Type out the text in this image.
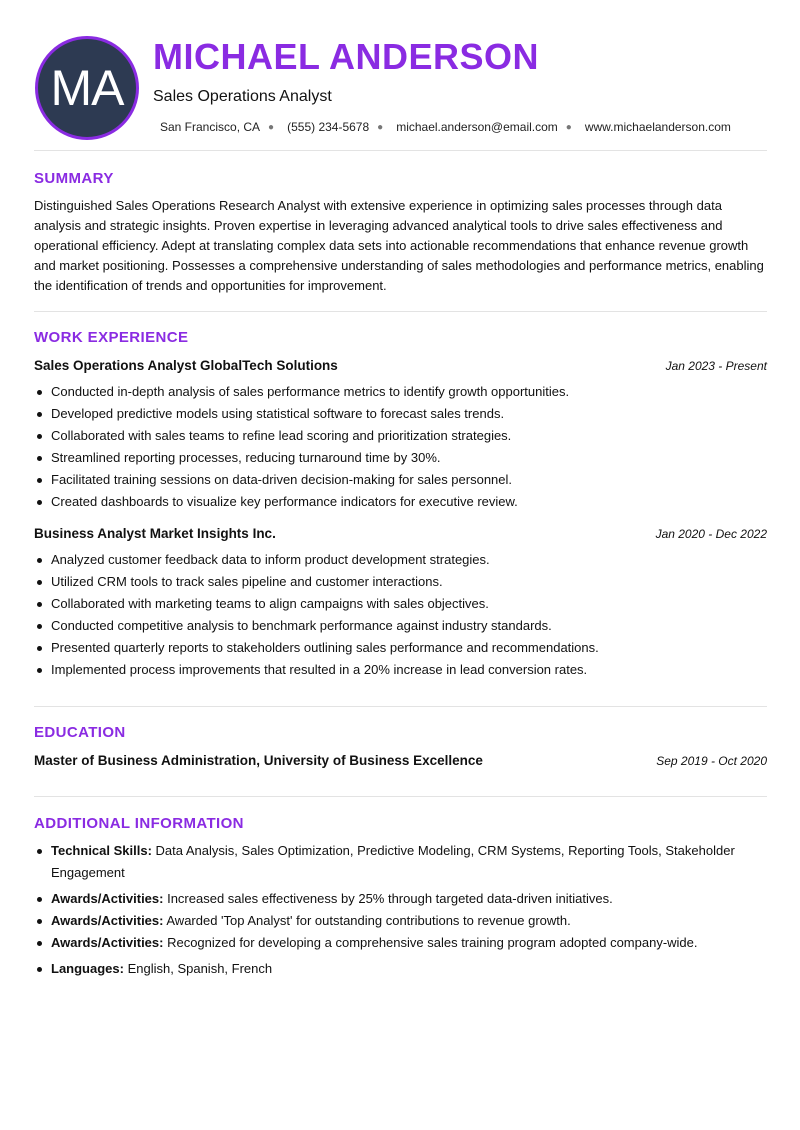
MA
MICHAEL ANDERSON
Sales Operations Analyst
San Francisco, CA ● (555) 234-5678 ● michael.anderson@email.com ● www.michaelanderson.com
SUMMARY

Distinguished Sales Operations Research Analyst with extensive experience in optimizing sales processes through data analysis and strategic insights. Proven expertise in leveraging advanced analytical tools to drive sales effectiveness and operational efficiency. Adept at translating complex data sets into actionable recommendations that enhance revenue growth and market positioning. Possesses a comprehensive understanding of sales methodologies and performance metrics, enabling the identification of trends and opportunities for improvement.

WORK EXPERIENCE
Sales Operations Analyst GlobalTech Solutions	Jan 2023 - Present
Conducted in-depth analysis of sales performance metrics to identify growth opportunities.
Developed predictive models using statistical software to forecast sales trends.
Collaborated with sales teams to refine lead scoring and prioritization strategies.
Streamlined reporting processes, reducing turnaround time by 30%.
Facilitated training sessions on data-driven decision-making for sales personnel.
Created dashboards to visualize key performance indicators for executive review.
Business Analyst Market Insights Inc.	Jan 2020 - Dec 2022
Analyzed customer feedback data to inform product development strategies.
Utilized CRM tools to track sales pipeline and customer interactions.
Collaborated with marketing teams to align campaigns with sales objectives.
Conducted competitive analysis to benchmark performance against industry standards.
Presented quarterly reports to stakeholders outlining sales performance and recommendations.
Implemented process improvements that resulted in a 20% increase in lead conversion rates.
EDUCATION
Master of Business Administration, University of Business Excellence	Sep 2019 - Oct 2020
ADDITIONAL INFORMATION
Technical Skills: Data Analysis, Sales Optimization, Predictive Modeling, CRM Systems, Reporting Tools, Stakeholder Engagement
Awards/Activities: Increased sales effectiveness by 25% through targeted data-driven initiatives.
Awards/Activities: Awarded 'Top Analyst' for outstanding contributions to revenue growth.
Awards/Activities: Recognized for developing a comprehensive sales training program adopted company-wide.
Languages: English, Spanish, French
